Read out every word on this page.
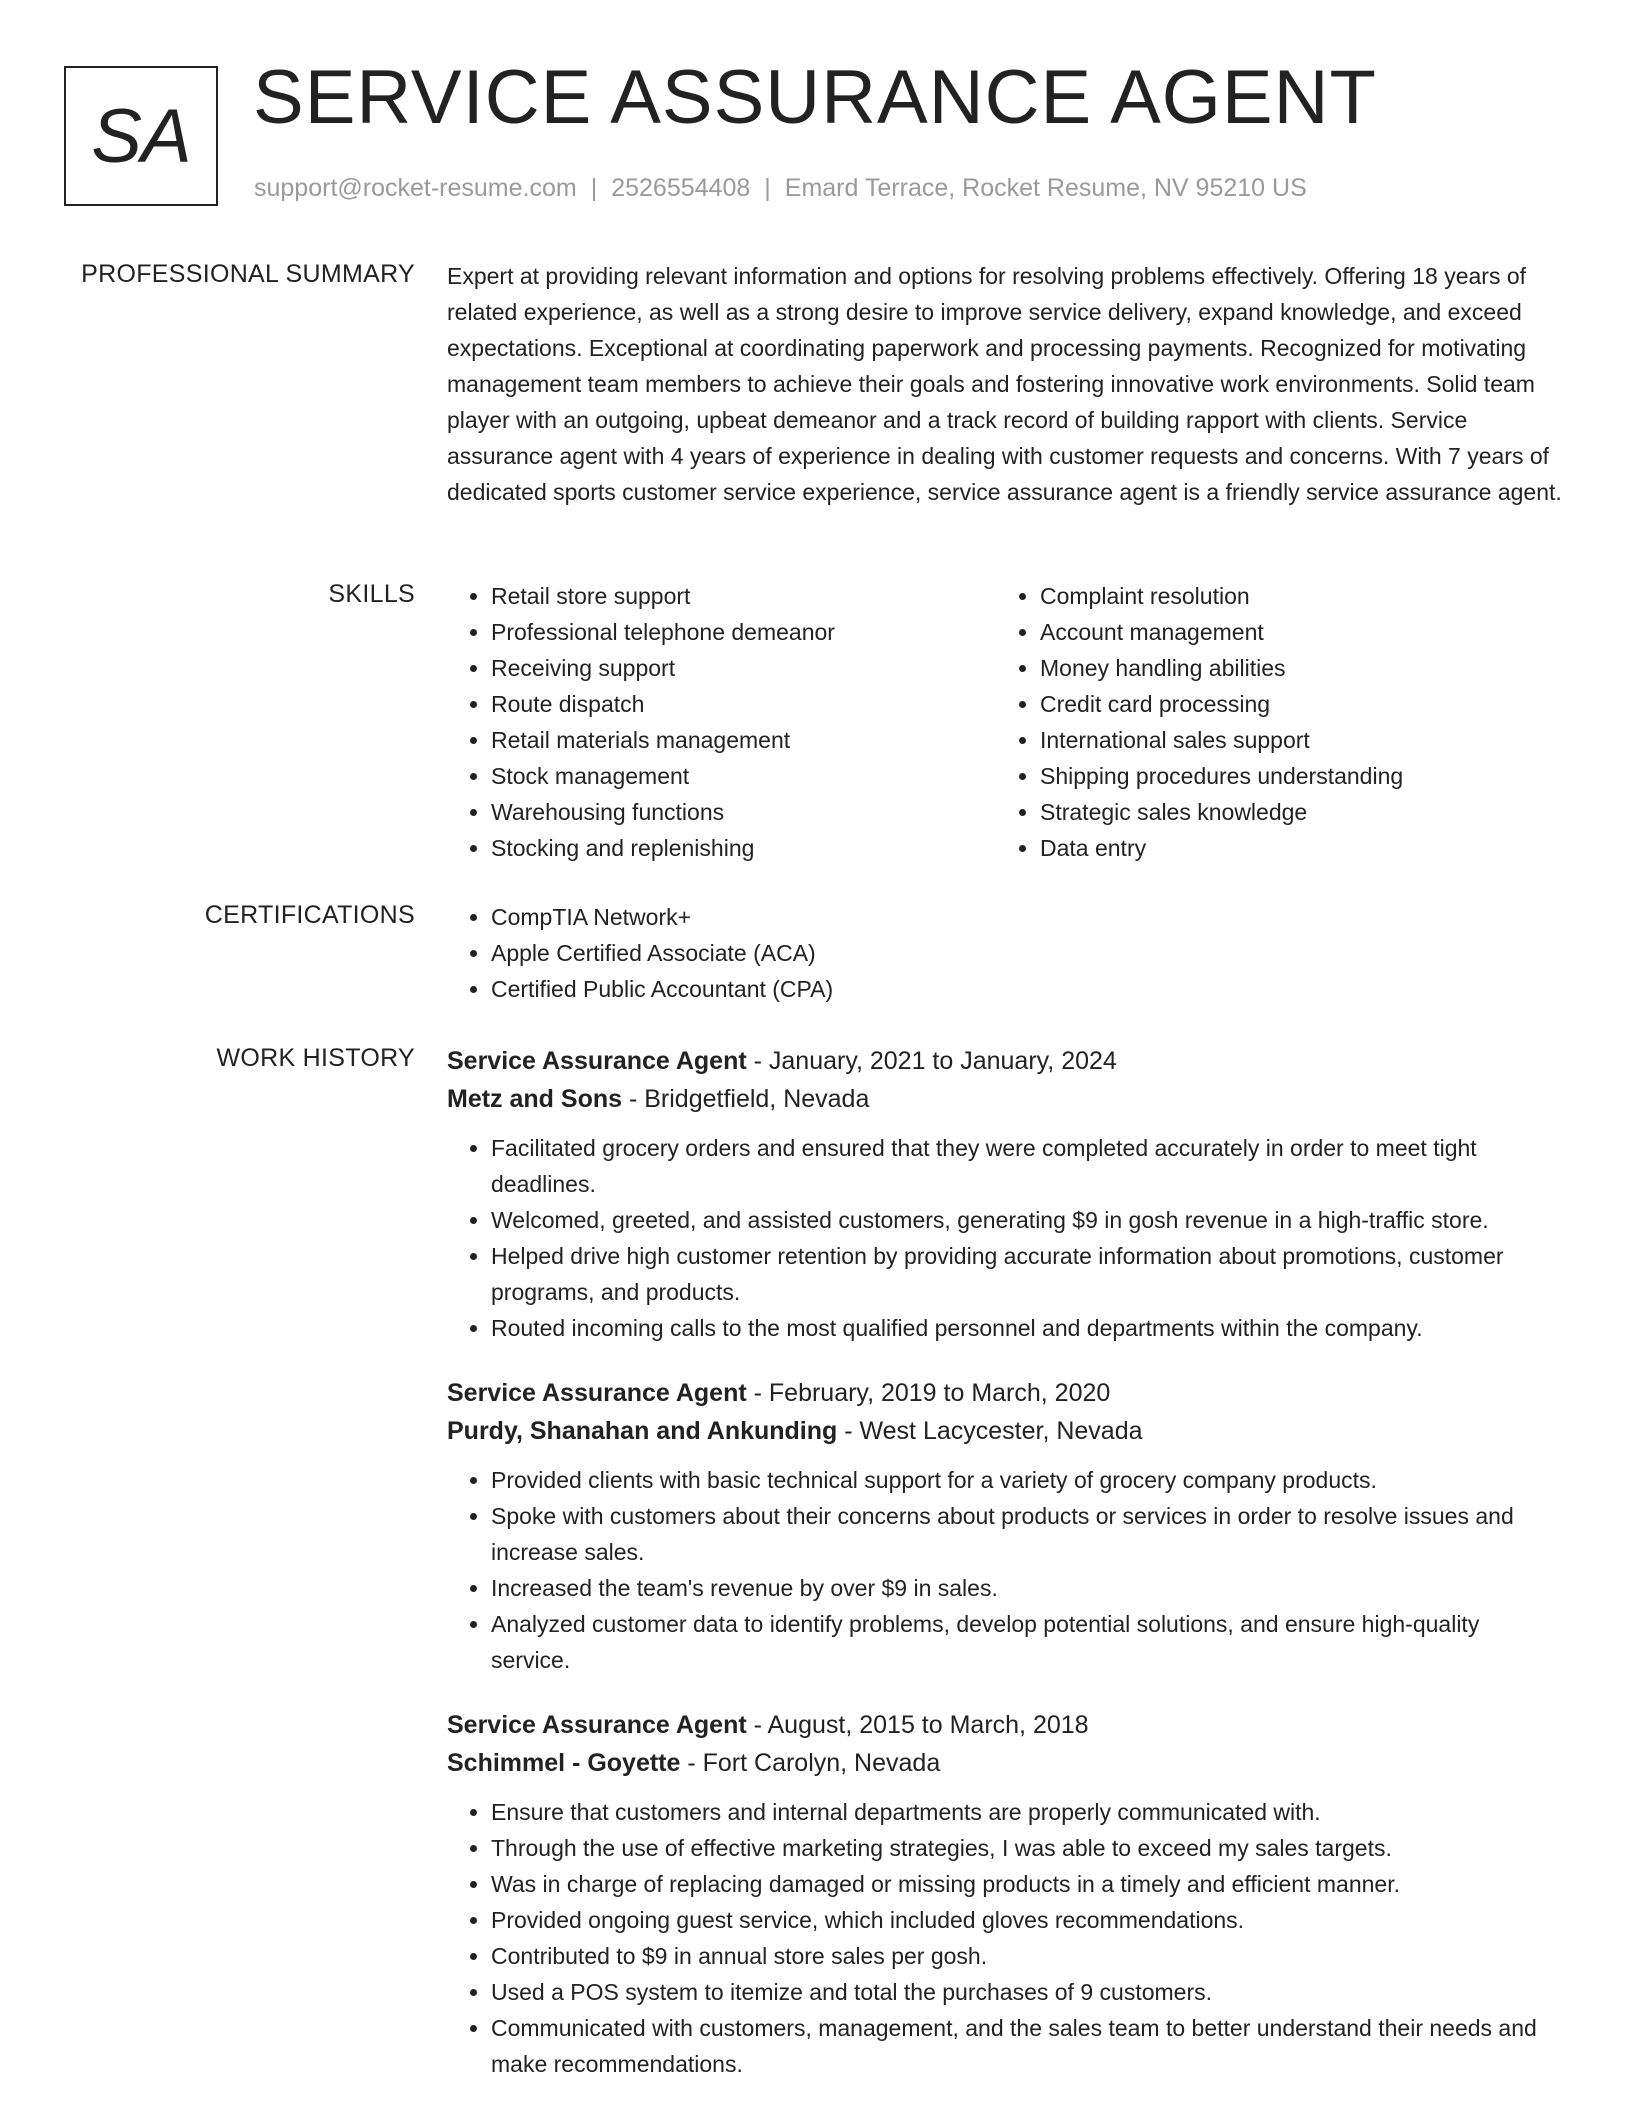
SA SERVICE ASSURANCE AGENT
support@rocket-resume.com | 2526554408 | Emard Terrace, Rocket Resume, NV 95210 US
PROFESSIONAL SUMMARY Expert at providing relevant information and options for resolving problems effectively. Offering 18 years of related experience, as well as a strong desire to improve service delivery, expand knowledge, and exceed expectations. Exceptional at coordinating paperwork and processing payments. Recognized for motivating management team members to achieve their goals and fostering innovative work environments. Solid team player with an outgoing, upbeat demeanor and a track record of building rapport with clients. Service assurance agent with 4 years of experience in dealing with customer requests and concerns. With 7 years of dedicated sports customer service experience, service assurance agent is a friendly service assurance agent.

SKILLS	• Retail store support
• Professional telephone demeanor
• Receiving support
• Route dispatch
• Retail materials management
• Stock management
• Warehousing functions
• Stocking and replenishing
• Complaint resolution
• Account management
• Money handling abilities
• Credit card processing
• International sales support
• Shipping procedures understanding
• Strategic sales knowledge
• Data entry
CERTIFICATIONS	• CompTIA Network+
• Apple Certified Associate (ACA)
• Certified Public Accountant (CPA)
WORK HISTORY Service Assurance Agent - January, 2021 to January, 2024
Metz and Sons - Bridgetfield, Nevada
• Facilitated grocery orders and ensured that they were completed accurately in order to meet tight deadlines.
• Welcomed, greeted, and assisted customers, generating $9 in gosh revenue in a high-traffic store.
• Helped drive high customer retention by providing accurate information about promotions, customer programs, and products.
• Routed incoming calls to the most qualified personnel and departments within the company.
Service Assurance Agent - February, 2019 to March, 2020
Purdy, Shanahan and Ankunding - West Lacycester, Nevada
• Provided clients with basic technical support for a variety of grocery company products.
• Spoke with customers about their concerns about products or services in order to resolve issues and increase sales.
• Increased the team's revenue by over $9 in sales.
• Analyzed customer data to identify problems, develop potential solutions, and ensure high-quality service.
Service Assurance Agent - August, 2015 to March, 2018
Schimmel - Goyette - Fort Carolyn, Nevada
• Ensure that customers and internal departments are properly communicated with.
• Through the use of effective marketing strategies, I was able to exceed my sales targets.
• Was in charge of replacing damaged or missing products in a timely and efficient manner.
• Provided ongoing guest service, which included gloves recommendations.
• Contributed to $9 in annual store sales per gosh.
• Used a POS system to itemize and total the purchases of 9 customers.
• Communicated with customers, management, and the sales team to better understand their needs and make recommendations.
